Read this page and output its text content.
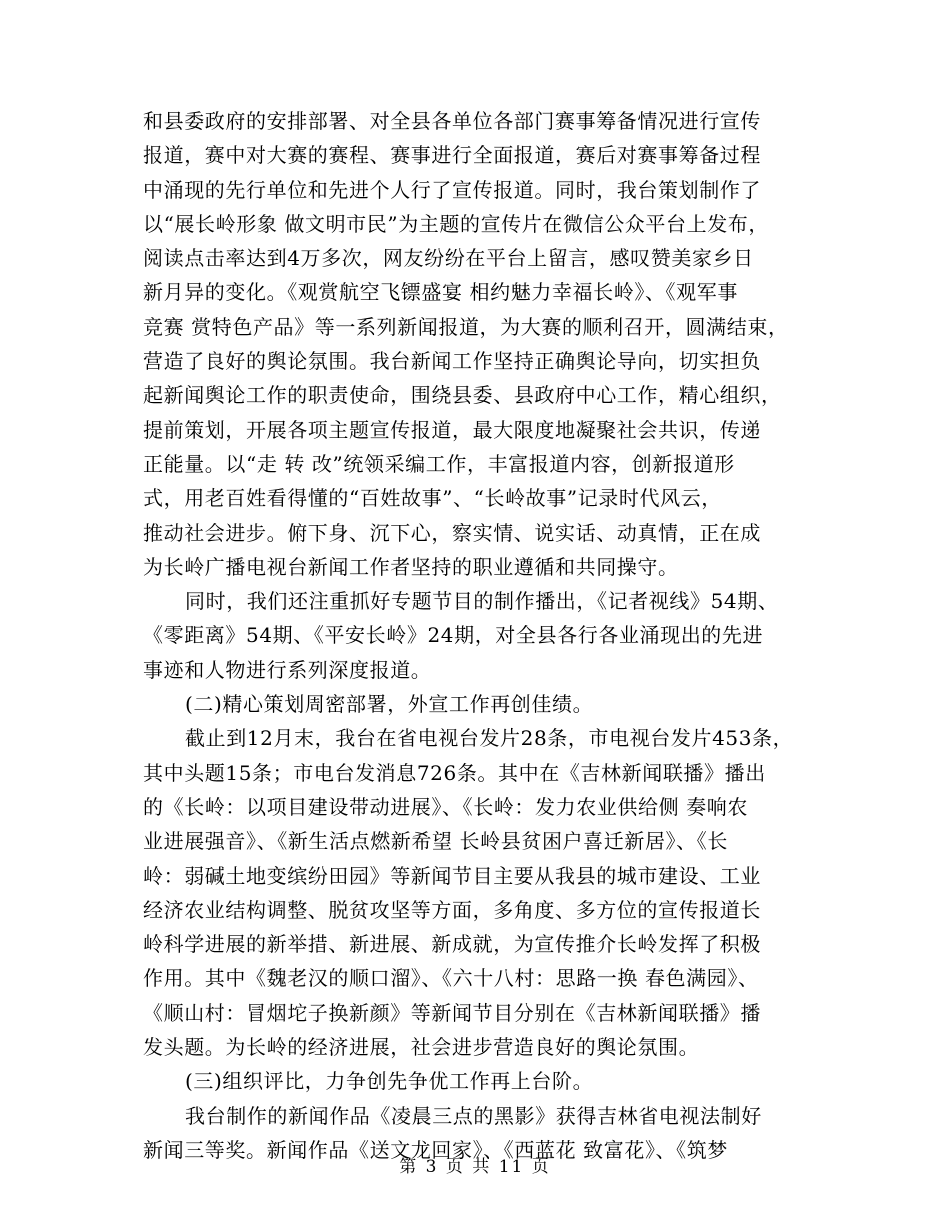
和县委政府的安排部署、对全县各单位各部门赛事筹备情况进行宣传
报道，赛中对大赛的赛程、赛事进行全面报道，赛后对赛事筹备过程
中涌现的先行单位和先进个人行了宣传报道。同时，我台策划制作了
以“展长岭形象 做文明市民”为主题的宣传片在微信公众平台上发布，
阅读点击率达到4万多次，网友纷纷在平台上留言，感叹赞美家乡日
新月异的变化。《观赏航空飞镖盛宴 相约魅力幸福长岭》、《观军事
竞赛 赏特色产品》等一系列新闻报道，为大赛的顺利召开，圆满结束，
营造了良好的舆论氛围。我台新闻工作坚持正确舆论导向，切实担负
起新闻舆论工作的职责使命，围绕县委、县政府中心工作，精心组织，
提前策划，开展各项主题宣传报道，最大限度地凝聚社会共识，传递
正能量。以“走 转 改”统领采编工作，丰富报道内容，创新报道形
式，用老百姓看得懂的“百姓故事”、“长岭故事”记录时代风云，
推动社会进步。俯下身、沉下心，察实情、说实话、动真情，正在成
为长岭广播电视台新闻工作者坚持的职业遵循和共同操守。
同时，我们还注重抓好专题节目的制作播出，《记者视线》54期、
《零距离》54期、《平安长岭》24期，对全县各行各业涌现出的先进
事迹和人物进行系列深度报道。
(二)精心策划周密部署，外宣工作再创佳绩。
截止到12月末，我台在省电视台发片28条，市电视台发片453条，
其中头题15条；市电台发消息726条。其中在《吉林新闻联播》播出
的《长岭：以项目建设带动进展》、《长岭：发力农业供给侧 奏响农
业进展强音》、《新生活点燃新希望 长岭县贫困户喜迁新居》、《长
岭：弱碱土地变缤纷田园》等新闻节目主要从我县的城市建设、工业
经济农业结构调整、脱贫攻坚等方面，多角度、多方位的宣传报道长
岭科学进展的新举措、新进展、新成就，为宣传推介长岭发挥了积极
作用。其中《魏老汉的顺口溜》、《六十八村：思路一换 春色满园》、
《顺山村：冒烟坨子换新颜》等新闻节目分别在《吉林新闻联播》播
发头题。为长岭的经济进展，社会进步营造良好的舆论氛围。
(三)组织评比，力争创先争优工作再上台阶。
我台制作的新闻作品《凌晨三点的黑影》获得吉林省电视法制好
新闻三等奖。新闻作品《送文龙回家》、《西蓝花 致富花》、《筑梦
第 3 页 共 11 页
